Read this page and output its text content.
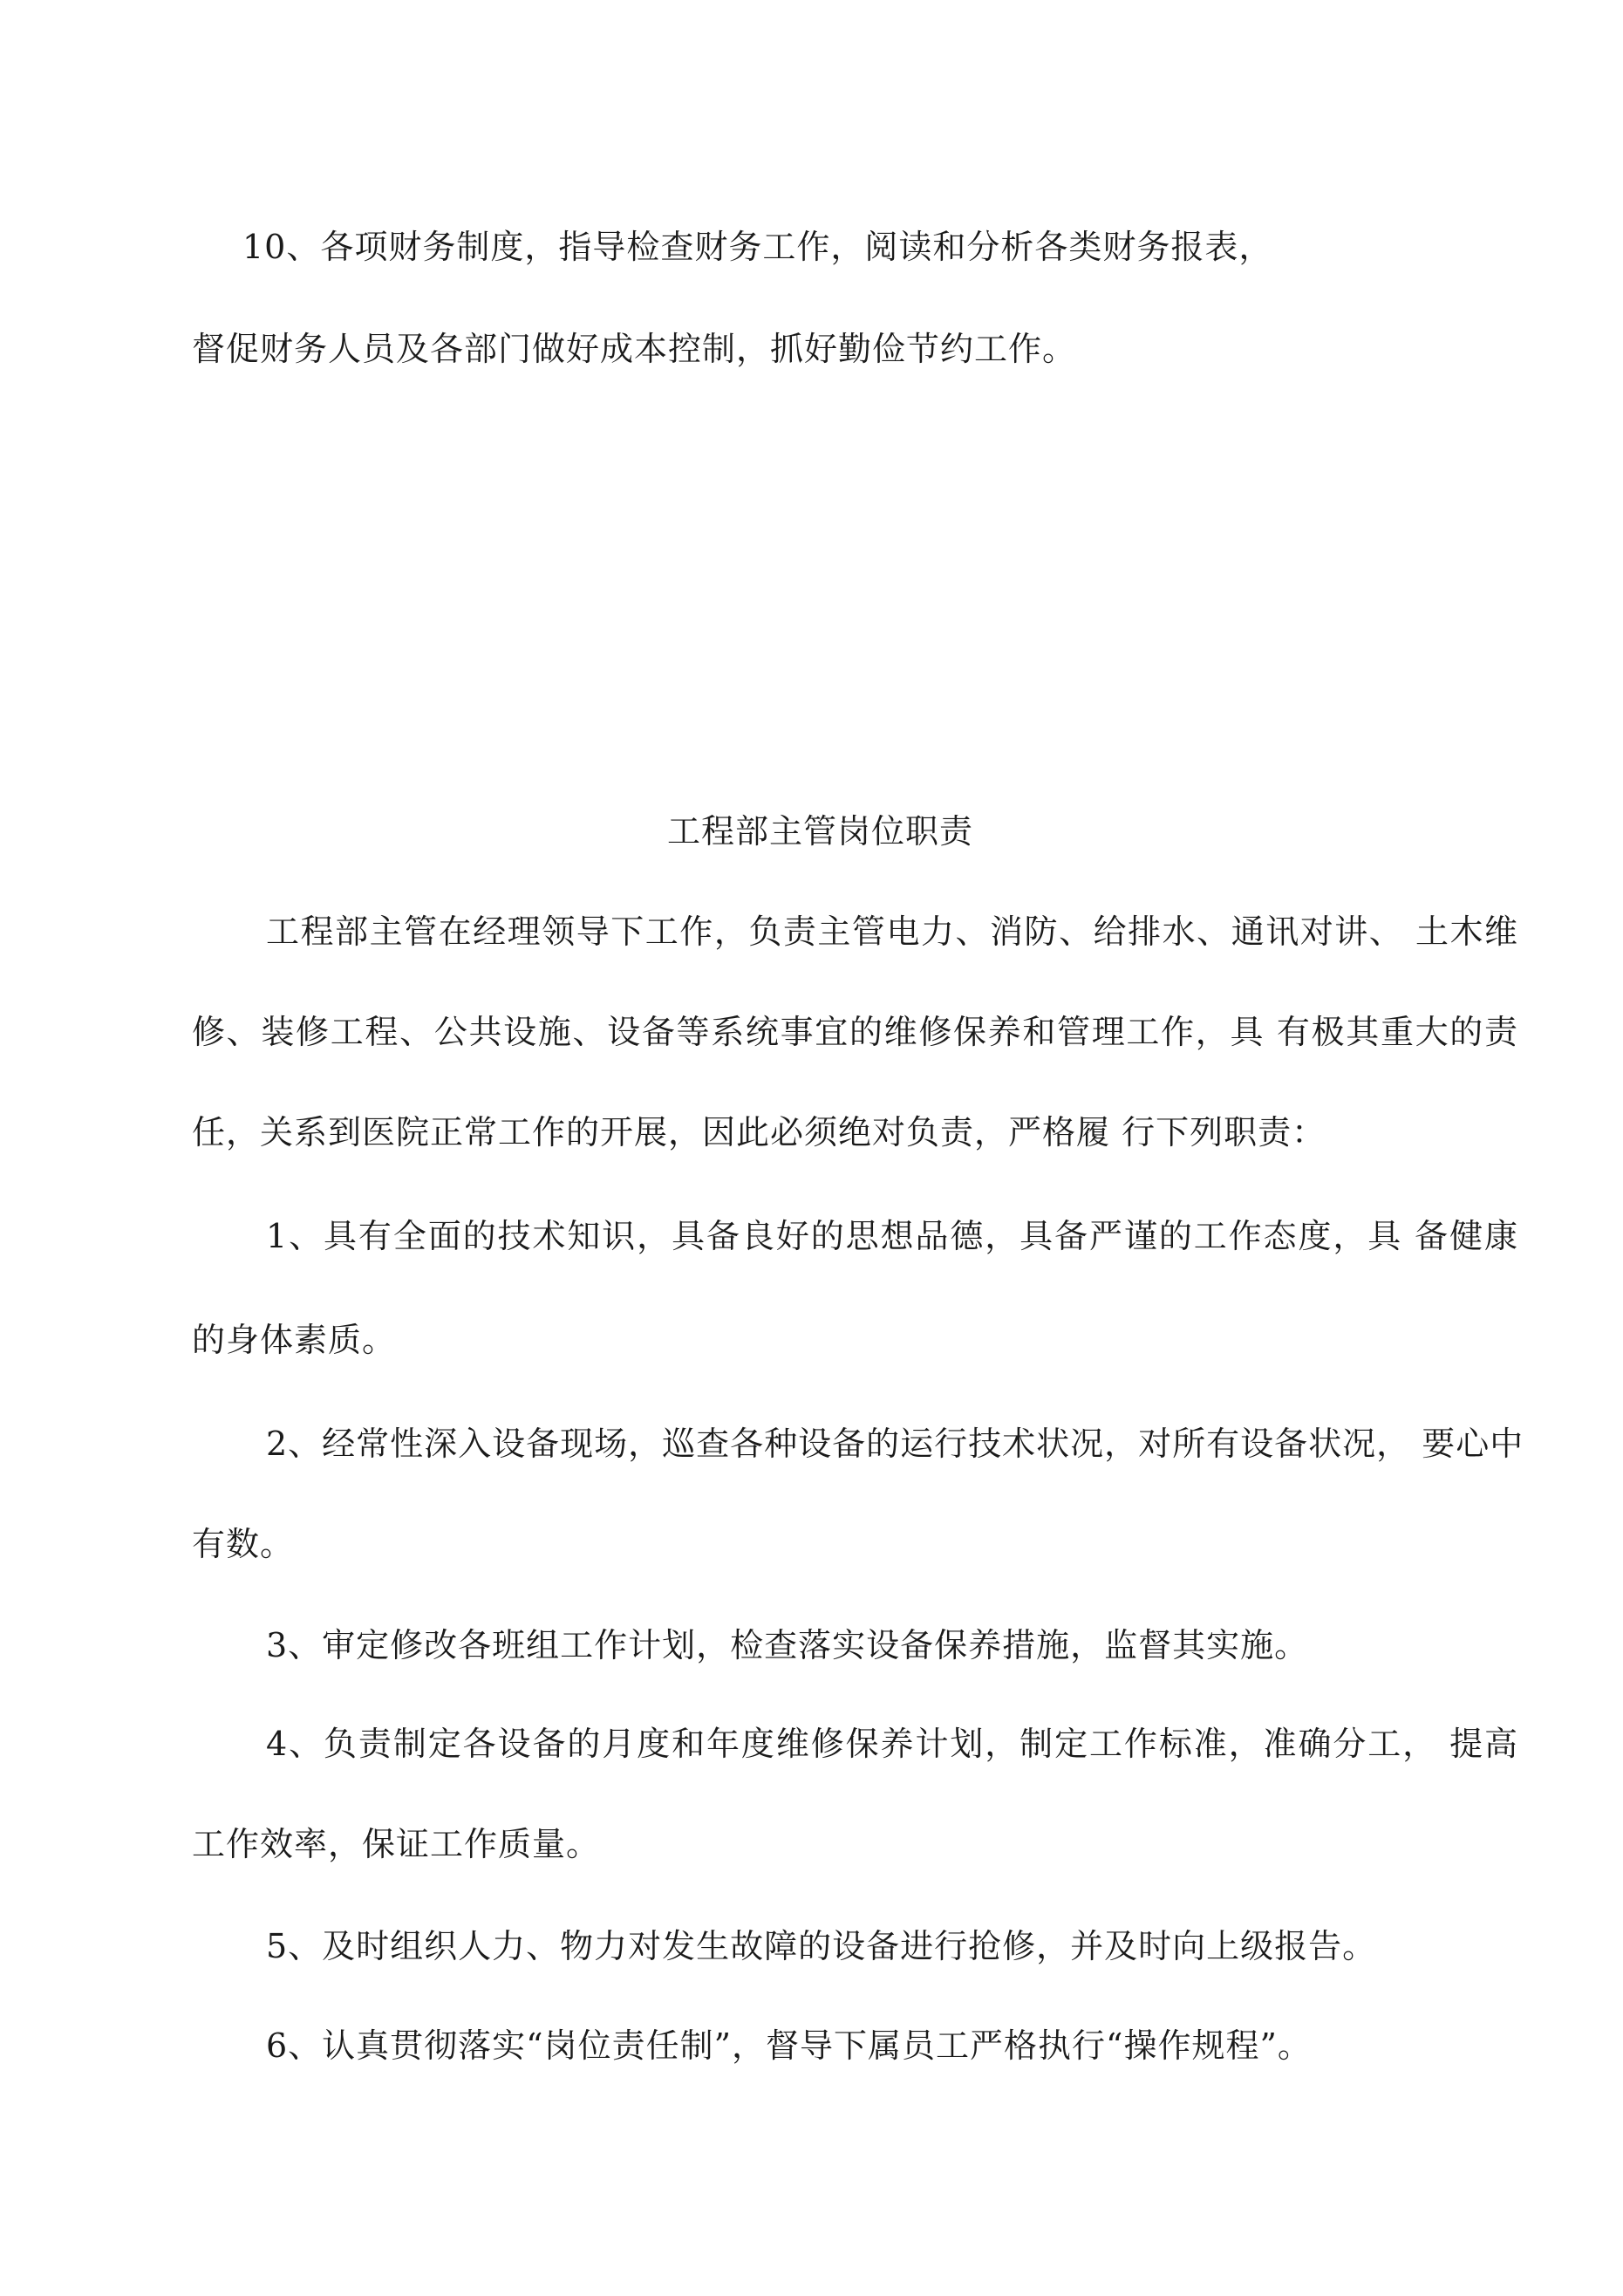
10、各项财务制度，指导检查财务工作，阅读和分析各类财务报表，
督促财务人员及各部门做好成本控制，抓好勤俭节约工作。
工程部主管岗位职责
工程部主管在经理领导下工作，负责主管电力、消防、给排水、通讯对讲、 土木维
修、装修工程、公共设施、设备等系统事宜的维修保养和管理工作，具 有极其重大的责
任，关系到医院正常工作的开展，因此必须绝对负责，严格履 行下列职责：
1、具有全面的技术知识，具备良好的思想品德，具备严谨的工作态度，具 备健康
的身体素质。
2、经常性深入设备现场，巡查各种设备的运行技术状况，对所有设备状况， 要心中
有数。
3、审定修改各班组工作计划，检查落实设备保养措施，监督其实施。
4、负责制定各设备的月度和年度维修保养计划，制定工作标准，准确分工， 提高
工作效率，保证工作质量。
5、及时组织人力、物力对发生故障的设备进行抢修，并及时向上级报告。
6、认真贯彻落实“岗位责任制”，督导下属员工严格执行“操作规程”。
